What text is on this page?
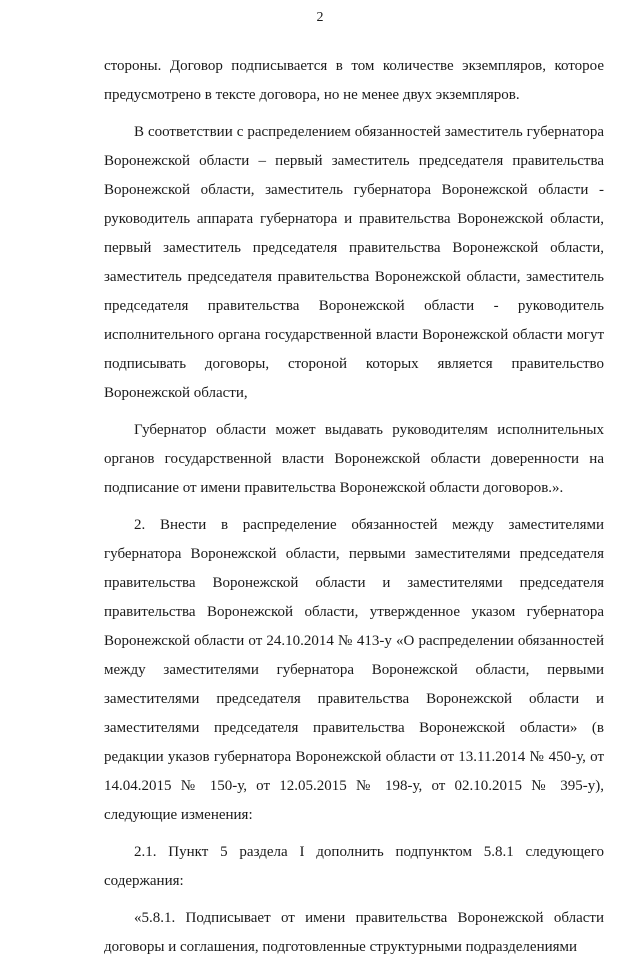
2

стороны. Договор подписывается в том количестве экземпляров, которое предусмотрено в тексте договора, но не менее двух экземпляров.

В соответствии с распределением обязанностей заместитель губернатора Воронежской области – первый заместитель председателя правительства Воронежской области, заместитель губернатора Воронежской области - руководитель аппарата губернатора и правительства Воронежской области, первый заместитель председателя правительства Воронежской области, заместитель председателя правительства Воронежской области, заместитель председателя правительства Воронежской области - руководитель исполнительного органа государственной власти Воронежской области могут подписывать договоры, стороной которых является правительство Воронежской области,

Губернатор области может выдавать руководителям исполнительных органов государственной власти Воронежской области доверенности на подписание от имени правительства Воронежской области договоров.».

2. Внести в распределение обязанностей между заместителями губернатора Воронежской области, первыми заместителями председателя правительства Воронежской области и заместителями председателя правительства Воронежской области, утвержденное указом губернатора Воронежской области от 24.10.2014 № 413-у «О распределении обязанностей между заместителями губернатора Воронежской области, первыми заместителями председателя правительства Воронежской области и заместителями председателя правительства Воронежской области» (в редакции указов губернатора Воронежской области от 13.11.2014 № 450-у, от 14.04.2015 № 150-у, от 12.05.2015 № 198-у, от 02.10.2015 № 395-у), следующие изменения:

2.1. Пункт 5 раздела I дополнить подпунктом 5.8.1 следующего содержания:

«5.8.1. Подписывает от имени правительства Воронежской области договоры и соглашения, подготовленные структурными подразделениями
